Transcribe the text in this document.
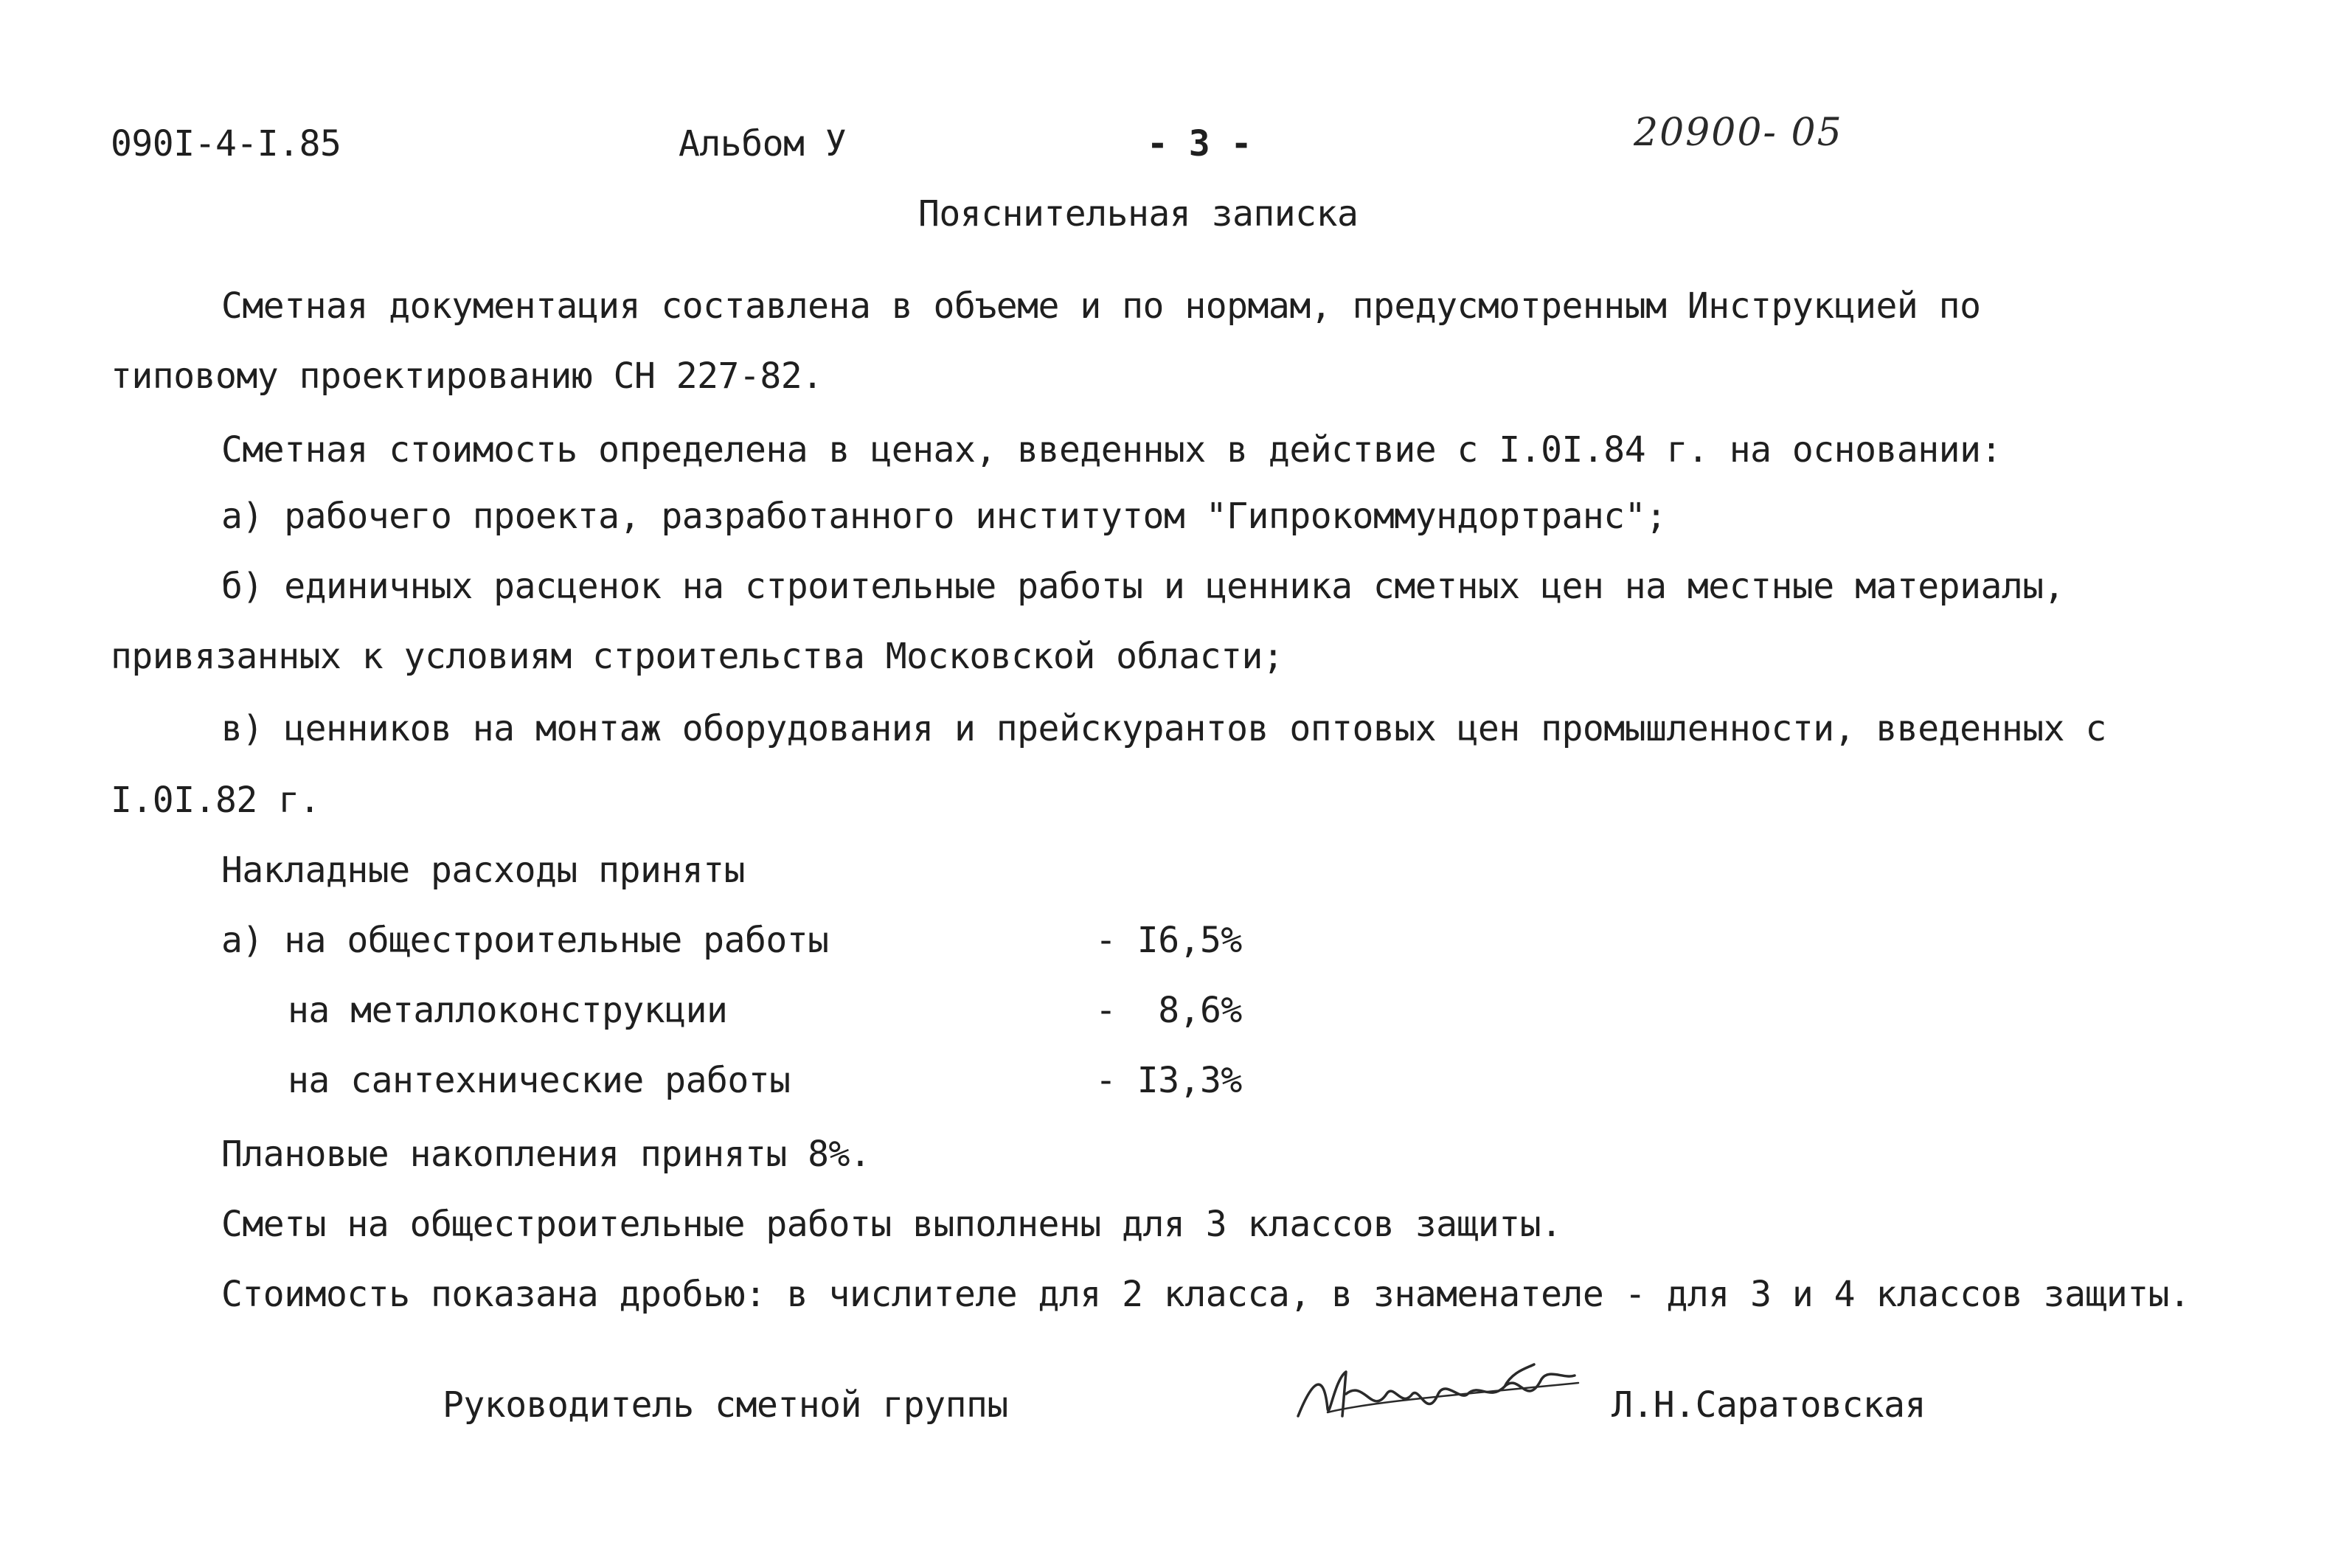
090I-4-I.85	Альбом У	- 3 -	20900- 05
Пояснительная записка
Сметная документация составлена в объеме и по нормам, предусмотренным Инструкцией по
типовому проектированию СН 227-82.
Сметная стоимость определена в ценах, введенных в действие с I.0I.84 г. на основании:
а) рабочего проекта, разработанного институтом "Гипрокоммундортранс";
б) единичных расценок на строительные работы и ценника сметных цен на местные материалы,
привязанных к условиям строительства Московской области;
в) ценников на монтаж оборудования и прейскурантов оптовых цен промышленности, введенных с
I.0I.82 г.
Накладные расходы приняты
а) на общестроительные работы	- I6,5%
на металлоконструкции	-  8,6%
на сантехнические работы	- I3,3%
Плановые накопления приняты 8%.
Сметы на общестроительные работы выполнены для 3 классов защиты.
Стоимость показана дробью: в числителе для 2 класса, в знаменателе - для 3 и 4 классов защиты.
Руководитель сметной группы	Л.Н.Саратовская
